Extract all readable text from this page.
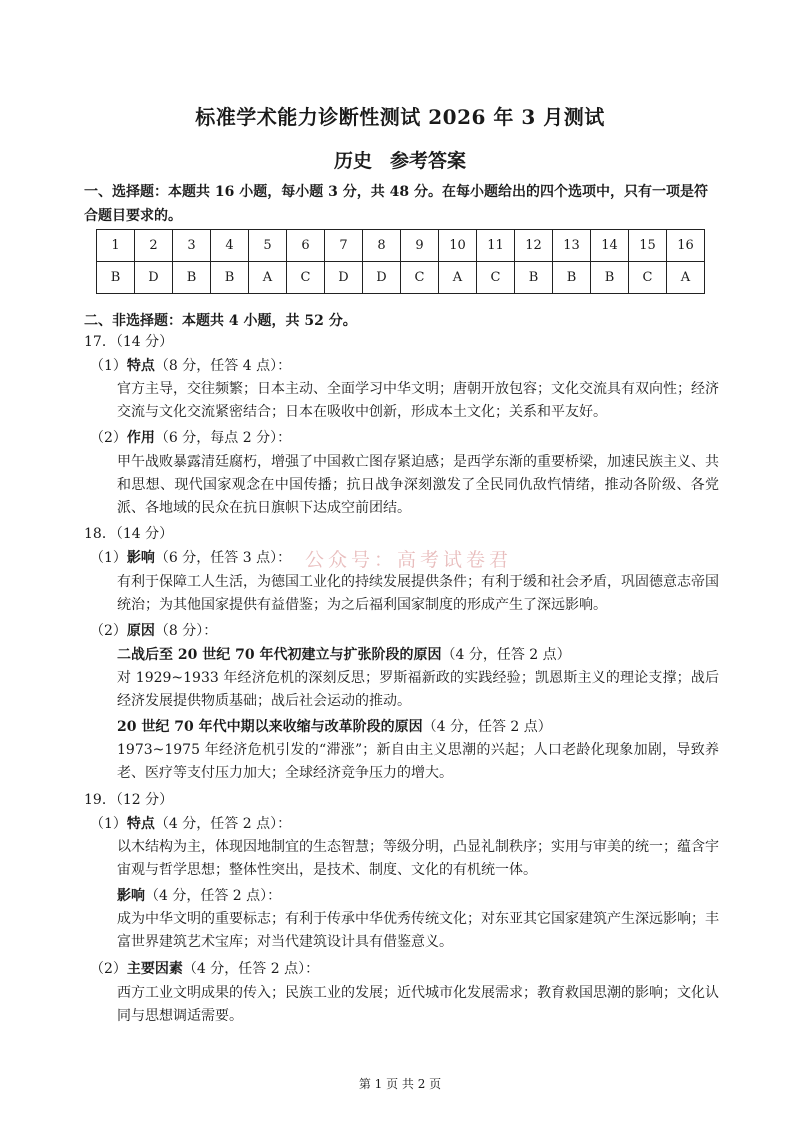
标准学术能力诊断性测试 2026 年 3 月测试
历史 参考答案
一、选择题：本题共 16 小题，每小题 3 分，共 48 分。在每小题给出的四个选项中，只有一项是符合题目要求的。
1	2	3	4	5	6	7	8	9	10	11	12	13	14	15	16
B	D	B	B	A	C	D	D	C	A	C	B	B	B	C	A
二、非选择题：本题共 4 小题，共 52 分。
17．（14 分）
（1）特点（8 分，任答 4 点）：
官方主导，交往频繁；日本主动、全面学习中华文明；唐朝开放包容；文化交流具有双向性；经济交流与文化交流紧密结合；日本在吸收中创新，形成本土文化；关系和平友好。
（2）作用（6 分，每点 2 分）：
甲午战败暴露清廷腐朽，增强了中国救亡图存紧迫感；是西学东渐的重要桥梁，加速民族主义、共和思想、现代国家观念在中国传播；抗日战争深刻激发了全民同仇敌忾情绪，推动各阶级、各党派、各地域的民众在抗日旗帜下达成空前团结。
18．（14 分）
（1）影响（6 分，任答 3 点）：
有利于保障工人生活，为德国工业化的持续发展提供条件；有利于缓和社会矛盾，巩固德意志帝国统治；为其他国家提供有益借鉴；为之后福利国家制度的形成产生了深远影响。
（2）原因（8 分）：
二战后至 20 世纪 70 年代初建立与扩张阶段的原因（4 分，任答 2 点）
对 1929~1933 年经济危机的深刻反思；罗斯福新政的实践经验；凯恩斯主义的理论支撑；战后经济发展提供物质基础；战后社会运动的推动。
20 世纪 70 年代中期以来收缩与改革阶段的原因（4 分，任答 2 点）
1973~1975 年经济危机引发的“滞涨”；新自由主义思潮的兴起；人口老龄化现象加剧，导致养老、医疗等支付压力加大；全球经济竞争压力的增大。
公众号：高考试卷君
19．（12 分）
（1）特点（4 分，任答 2 点）：
以木结构为主，体现因地制宜的生态智慧；等级分明，凸显礼制秩序；实用与审美的统一；蕴含宇宙观与哲学思想；整体性突出，是技术、制度、文化的有机统一体。
影响（4 分，任答 2 点）：
成为中华文明的重要标志；有利于传承中华优秀传统文化；对东亚其它国家建筑产生深远影响；丰富世界建筑艺术宝库；对当代建筑设计具有借鉴意义。
（2）主要因素（4 分，任答 2 点）：
西方工业文明成果的传入；民族工业的发展；近代城市化发展需求；教育救国思潮的影响；文化认同与思想调适需要。
第 1 页 共 2 页
